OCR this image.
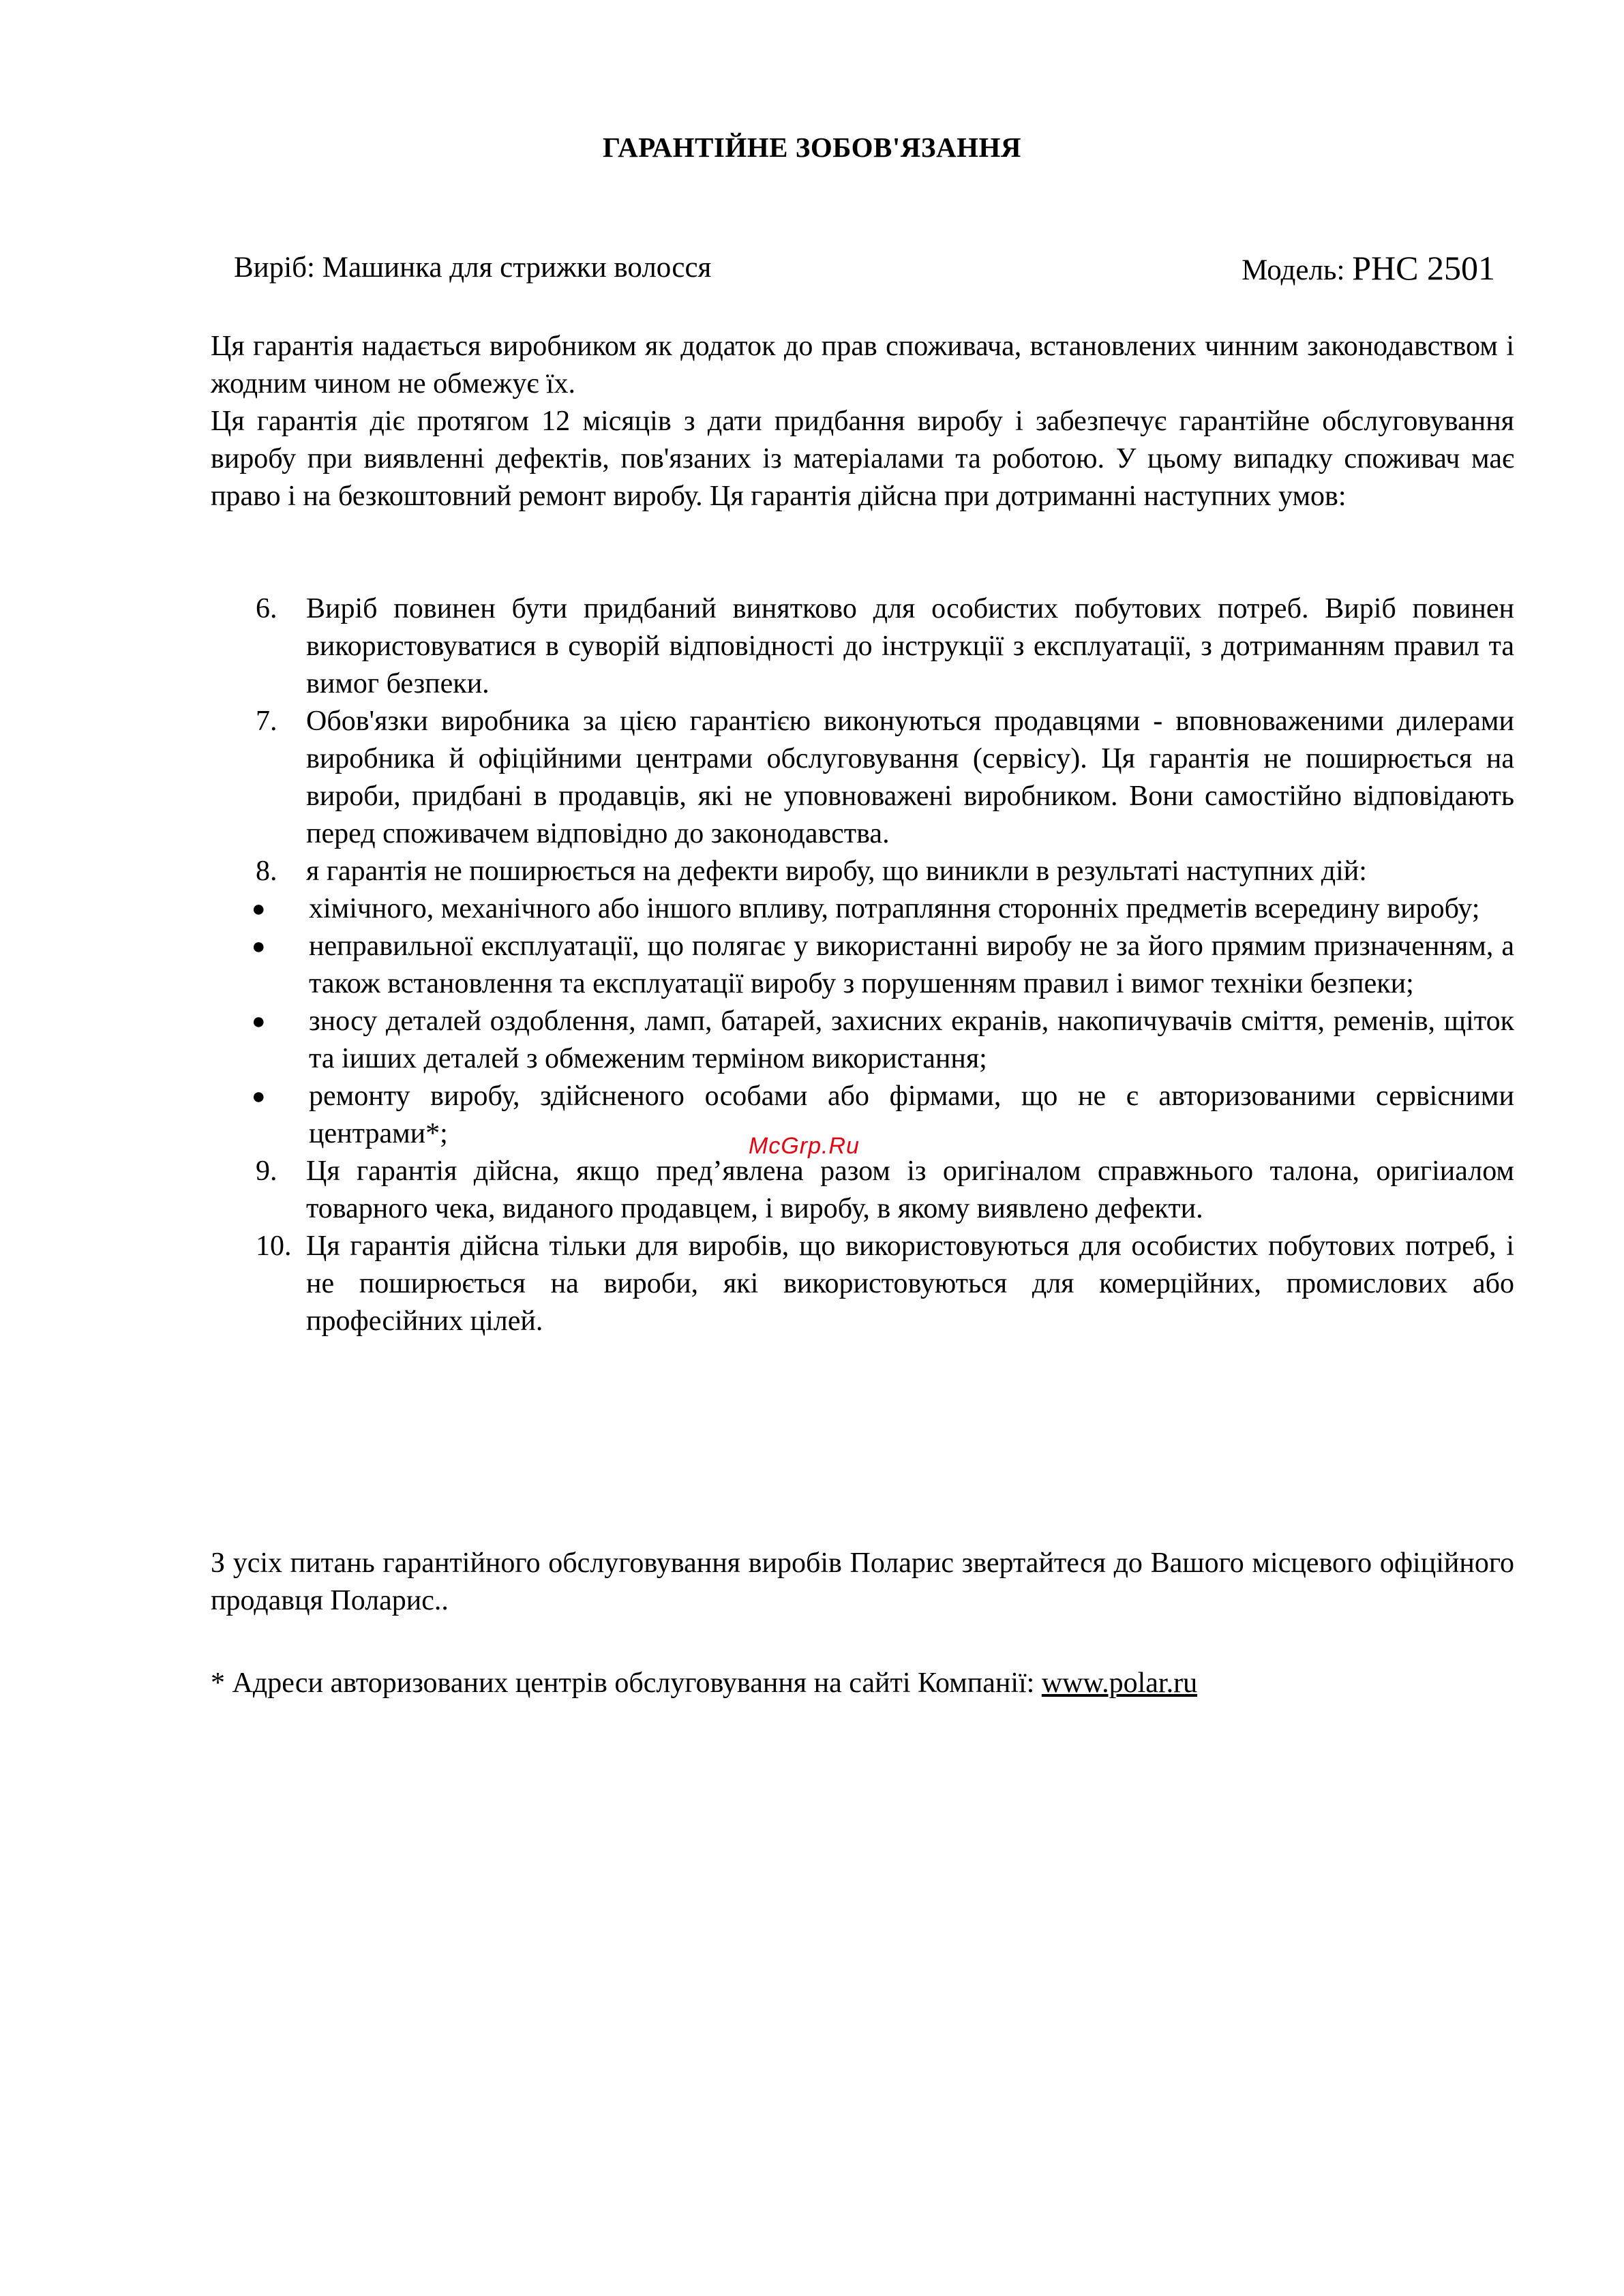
ГАРАНТІЙНЕ ЗОБОВ'ЯЗАННЯ
Виріб: Машинка для стрижки волосся	Модель: PHC 2501

Ця гарантія надається виробником як додаток до прав споживача, встановлених чинним законодавством і жодним чином не обмежує їх.

Ця гарантія діє протягом 12 місяців з дати придбання виробу і забезпечує гарантійне обслуговування виробу при виявленні дефектів, пов'язаних із матеріалами та роботою. У цьому випадку споживач має право і на безкоштовний ремонт виробу. Ця гарантія дійсна при дотриманні наступних умов:

6.	Виріб повинен бути придбаний винятково для особистих побутових потреб. Виріб повинен використовуватися в суворій відповідності до інструкції з експлуатації, з дотриманням правил та вимог безпеки.
7.	Обов'язки виробника за цією гарантією виконуються продавцями - вповноваженими дилерами виробника й офіційними центрами обслуговування (сервісу). Ця гарантія не поширюється на вироби, придбані в продавців, які не уповноважені виробником. Вони самостійно відповідають перед споживачем відповідно до законодавства.
8.	я гарантія не поширюється на дефекти виробу, що виникли в результаті наступних дій:
● хімічного, механічного або іншого впливу, потрапляння сторонніх предметів всередину виробу;
● неправильної експлуатації, що полягає у використанні виробу не за його прямим призначенням, а також встановлення та експлуатації виробу з порушенням правил і вимог техніки безпеки;
● зносу деталей оздоблення, ламп, батарей, захисних екранів, накопичувачів сміття, ременів, щіток та іиших деталей з обмеженим терміном використання;
● ремонту виробу, здійсненого особами або фірмами, що не є авторизованими сервісними центрами*;
9.	Ця гарантія дійсна, якщо пред’явлена разом із оригіналом справжнього талона, оригіиалом товарного чека, виданого продавцем, і виробу, в якому виявлено дефекти.
10. Ця гарантія дійсна тільки для виробів, що використовуються для особистих побутових потреб, і не поширюється на вироби, які використовуються для комерційних, промислових або професійних цілей.

З усіх питань гарантійного обслуговування виробів Поларис звертайтеся до Вашого місцевого офіційного продавця Поларис..

* Адреси авторизованих центрів обслуговування на сайті Компанії: www.polar.ru
McGrp.Ru
